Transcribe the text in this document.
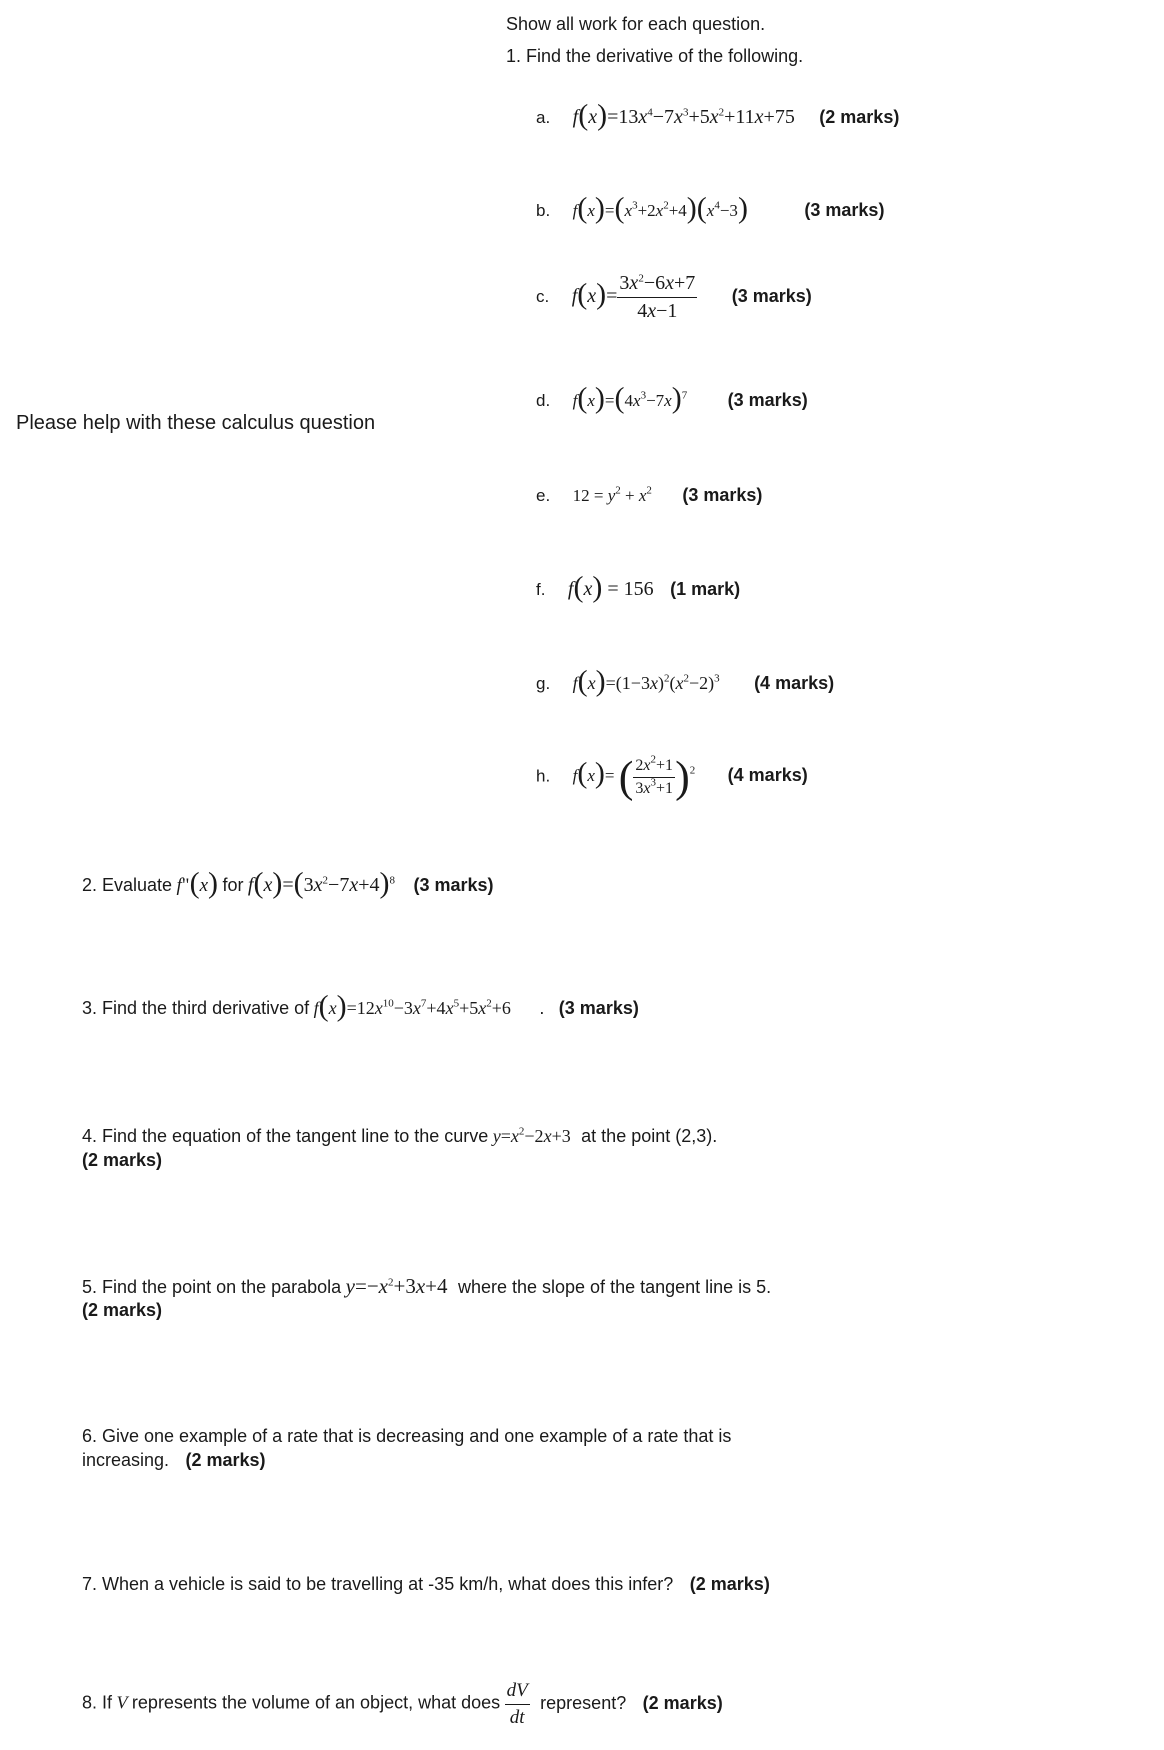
Please help with these calculus question
Show all work for each question.
1. Find the derivative of the following.
a. $f(x)=13x^4-7x^3+5x^2+11x+75$ (2 marks)
b. $f(x)=(x^3+2x^2+4)(x^4-3)$	(3 marks)
c. $f(x)= \frac{3x^2-6x+7}{4x-1} (3$ marks)
d. $f(x)=(4x^3-7x)^7$ (3 marks)
e. $12 = y^2 + x^2$ (3 marks)
f. f(x) = 156 (1 mark)
g. $f(x)=(1-3x)^2(x^2-2)^3$ (4 marks)
h. f(x)= ( $\frac{2x^2+1}{3x^3+1} )^2$ (4 marks)
2. Evaluate f"(x) for $f(x)=(3x^2-7x+4)^8$ (3 marks)
3. Find the third derivative of $f(x)=12x^{10}-3x^7+4x^5+5x^2+6$ . (3 marks)
4. Find the equation of the tangent line to the curve $y=x^2-2x+3$ at the point (2,3).
(2 marks)
5. Find the point on the parabola $y=-x^2+3x+4$ where the slope of the tangent line is 5.
(2 marks)
6. Give one example of a rate that is decreasing and one example of a rate that is
increasing. (2 marks)
7. When a vehicle is said to be travelling at -35 km/h, what does this infer? (2 marks)
8. If V represents the volume of an object, what does $\frac{dV}{dt}$ represent? (2 marks)
